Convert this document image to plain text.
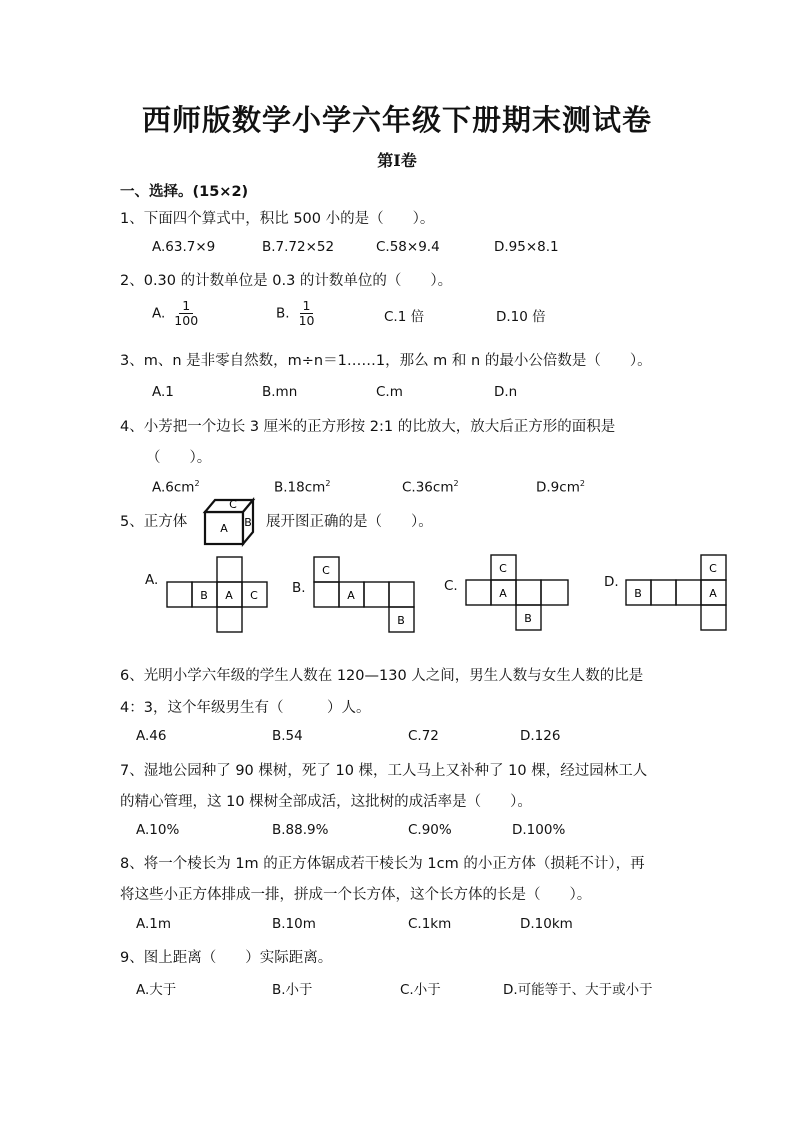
西师版数学小学六年级下册期末测试卷
第Ⅰ卷
一、选择。(15×2)
1、下面四个算式中，积比 500 小的是（　　）。
A.63.7×9	B.7.72×52	C.58×9.4	D.95×8.1
2、0.30 的计数单位是 0.3 的计数单位的（　　）。
A. $\frac{1}{100}$	B. $\frac{1}{10}$	C.1 倍	D.10 倍
3、m、n 是非零自然数，m÷n＝1……1，那么 m 和 n 的最小公倍数是（　　）。
A.1	B.mn	C.m	D.n
4、小芳把一个边长 3 厘米的正方形按 2:1 的比放大，放大后正方形的面积是
（　　）。
$A.6cm^2$	$B.18cm^2$	$C.36cm^2$	$D.9cm^2$
5、正方体	A
C
B 展开图正确的是（　　）。
A.
B A C	B.
C
A
B
C.
C
A
B
D.
B
C
A
6、光明小学六年级的学生人数在 120—130 人之间，男生人数与女生人数的比是
4：3，这个年级男生有（　　　）人。
A.46	B.54	C.72	D.126
7、湿地公园种了 90 棵树，死了 10 棵，工人马上又补种了 10 棵，经过园林工人
的精心管理，这 10 棵树全部成活，这批树的成活率是（　　）。
A.10%	B.88.9%	C.90%	D.100%
8、将一个棱长为 1m 的正方体锯成若干棱长为 1cm 的小正方体（损耗不计），再
将这些小正方体排成一排，拼成一个长方体，这个长方体的长是（　　）。
A.1m	B.10m	C.1km	D.10km
9、图上距离（　　）实际距离。
A.大于	B.小于	C.小于	D.可能等于、大于或小于
